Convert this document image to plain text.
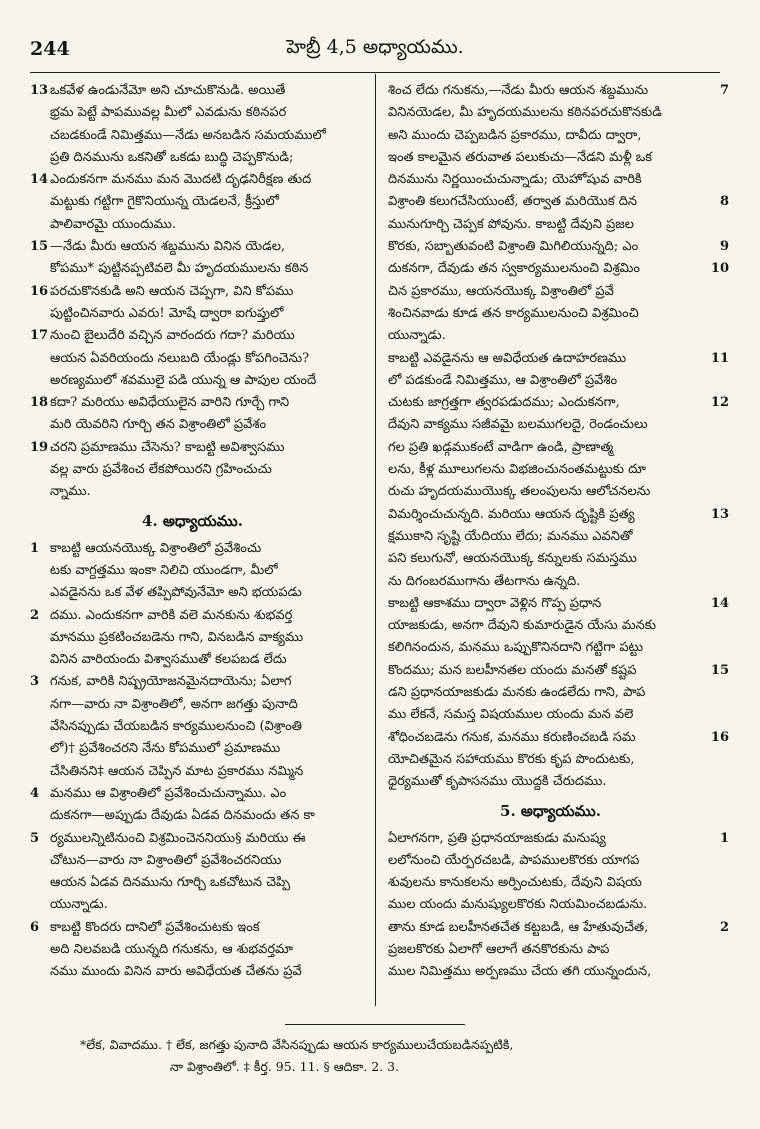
244	హెబ్రీ 4,5 అధ్యాయము.
13 ఒకవేళ ఉండునేమో అని చూచుకొనుడి. అయితే
భ్రమ పెట్టే పాపమువల్ల మీలో ఎవడును కఠినపర
చబడకుండే నిమిత్తము—నేడు అనబడిన సమయములో
ప్రతి దినమును ఒకనితో ఒకడు బుద్ధి చెప్పకొనుడి;
14 ఎందుకనగా మనము మన మొదటి దృఢనిరీక్షణ తుద
మట్టుకు గట్టిగా గైకొనియున్న యెడలనే, క్రీస్తులో
పాలివారమై యుందుము.
15 —నేడు మీరు ఆయన శబ్దమును వినిన యెడల,
కోపము* పుట్టినప్పటివలె మీ హృదయములను కఠిన
16 పరచుకొనకుడి అని ఆయన చెప్పగా, విని కోపము
పుట్టించినవారు ఎవరు! మోషే ద్వారా ఐగుప్తులో
17 నుంచి బైలుదేరి వచ్చిన వారందరు గదా? మరియు
ఆయన ఏవరియందు నలుబది యేండ్లు కోపగించెను?
అరణ్యములో శవములై పడి యున్న ఆ పాపుల యందే
18 కదా? మరియు అవిధేయులైన వారిని గూర్చే గాని
మరి యెవరిని గూర్చి తన విశ్రాంతిలో ప్రవేశం
19 చరని ప్రమాణము చేసెను? కాబట్టి అవిశ్వాసము
వల్ల వారు ప్రవేశించ లేకపోయిరని గ్రహించుచు
న్నాము.
4. అధ్యాయము.
1 కాబట్టి ఆయనయొక్క విశ్రాంతిలో ప్రవేశించు
టకు వాగ్దత్తము ఇంకా నిలిచి యుండగా, మీలో
ఎవడైనను ఒక వేళ తప్పిపోవునేమో అని భయపడు
2 దము. ఎందుకనగా వారికి వలె మనకును శుభవర్త
మానము ప్రకటించబడెను గాని, వినబడిన వాక్యము
వినిన వారియందు విశ్వాసముతో కలపబడ లేదు
3 గనుక, వారికి నిష్ప్రయోజనమైనదాయెను; ఏలాగ
నగా—వారు నా విశ్రాంతిలో, అనగా జగత్తు పునాది
వేసినప్పుడు చేయబడిన కార్యములనుంచి (విశ్రాంతి
లో)† ప్రవేశించరని నేను కోపములో ప్రమాణము
చేసితినని‡ ఆయన చెప్పిన మాట ప్రకారము నమ్మిన
4 మనము ఆ విశ్రాంతిలో ప్రవేశించుచున్నాము. ఎం
దుకనగా—అప్పుడు దేవుడు ఏడవ దినమందు తన కా
5 ర్యములన్నిటినుంచి విశ్రమించెననియు§ మరియు ఈ
చోటున—వారు నా విశ్రాంతిలో ప్రవేశించరనియు
ఆయన ఏడవ దినమును గూర్చి ఒకచోటున చెప్పి
యున్నాడు.
6 కాబట్టి కొందరు దానిలో ప్రవేశించుటకు ఇంక
అది నిలవబడి యున్నది గనుకను, ఆ శుభవర్తమా
నము ముందు వినిన వారు అవిధేయత చేతను ప్రవే
7
శించ లేదు గనుకను,—నేడు మీరు ఆయన శబ్దమును
వినినయెడల, మీ హృదయములను కఠినపరచుకొనకుడి
అని ముందు చెప్పబడిన ప్రకారము, దావీదు ద్వారా,
ఇంత కాలమైన తరువాత పలుకుచు—నేడని మళ్లీ ఒక
దినమును నిర్ణయించుచున్నాడు; యెహోషువ వారికి
8
విశ్రాంతి కలుగచేసియుంటే, తర్వాత మరియొక దిన
మునుగూర్చి చెప్పక పోవును. కాబట్టి దేవుని ప్రజల
9
కొరకు, సబ్బాతువంటి విశ్రాంతి మిగిలియున్నది; ఎం
10
దుకనగా, దేవుడు తన స్వకార్యములనుంచి విశ్రమిం
చిన ప్రకారము, ఆయనయొక్క విశ్రాంతిలో ప్రవే
శించినవాడు కూడ తన కార్యములనుంచి విశ్రమించి
యున్నాడు.
11
కాబట్టి ఎవడైనను ఆ అవిధేయత ఉదాహరణము
లో పడకుండే నిమిత్తము, ఆ విశ్రాంతిలో ప్రవేశిం
12
చుటకు జాగ్రత్తగా త్వరపడుదము; ఎందుకనగా,
దేవుని వాక్యము సజీవమై బలముగలదై, రెండంచులు
గల ప్రతి ఖడ్గముకంటే వాడిగా ఉండి, ప్రాణాత్మ
లను, కీళ్ల మూలుగలను విభజించునంతమట్టుకు దూ
రుచు హృదయముయొక్క తలంపులను ఆలోచనలను
13
విమర్శించుచున్నది. మరియు ఆయన దృష్టికి ప్రత్య
క్షముకాని సృష్టి యేదియు లేదు; మనము ఎవనితో
పని కలుగునో, ఆయనయొక్క కన్నులకు సమస్తము
ను దిగంబరముగాను తేటగాను ఉన్నది.
14
కాబట్టి ఆకాశము ద్వారా వెళ్లిన గొప్ప ప్రధాన
యాజకుడు, అనగా దేవుని కుమారుడైన యేసు మనకు
కలిగినందున, మనము ఒప్పుకొనినదాని గట్టిగా పట్టు
15
కొందము; మన బలహీనతల యందు మనతో కష్టప
డని ప్రధానయాజకుడు మనకు ఉండలేదు గాని, పాప
ము లేకనే, సమస్త విషయముల యందు మన వలె
16
శోధించబడెను గనుక, మనము కరుణించబడి సమ
యోచితమైన సహాయము కొరకు కృప పొందుటకు,
ధైర్యముతో కృపాసనము యొద్దకి చేరుదము.
5. అధ్యాయము.
1
ఏలాగనగా, ప్రతి ప్రధానయాజకుడు మనుష్య
లలోనుంచి యేర్పరచబడి, పాపములకొరకు యాగప
శువులను కానుకలను అర్పించుటకు, దేవుని విషయ
ముల యందు మనుష్యులకొరకు నియమించబడును.
2
తాను కూడ బలహీనతచేత కట్టబడి, ఆ హేతువుచేత,
ప్రజలకొరకు ఏలాగో ఆలాగే తనకొరకును పాప
ముల నిమిత్తము అర్పణము చేయ తగి యున్నందున,
*లేక, వివాదము. † లేక, జగత్తు పునాది వేసినప్పుడు ఆయన కార్యములుచేయబడినప్పటికి,
నా విశ్రాంతిలో. ‡ కీర్త. 95. 11. § ఆదికా. 2. 3.
